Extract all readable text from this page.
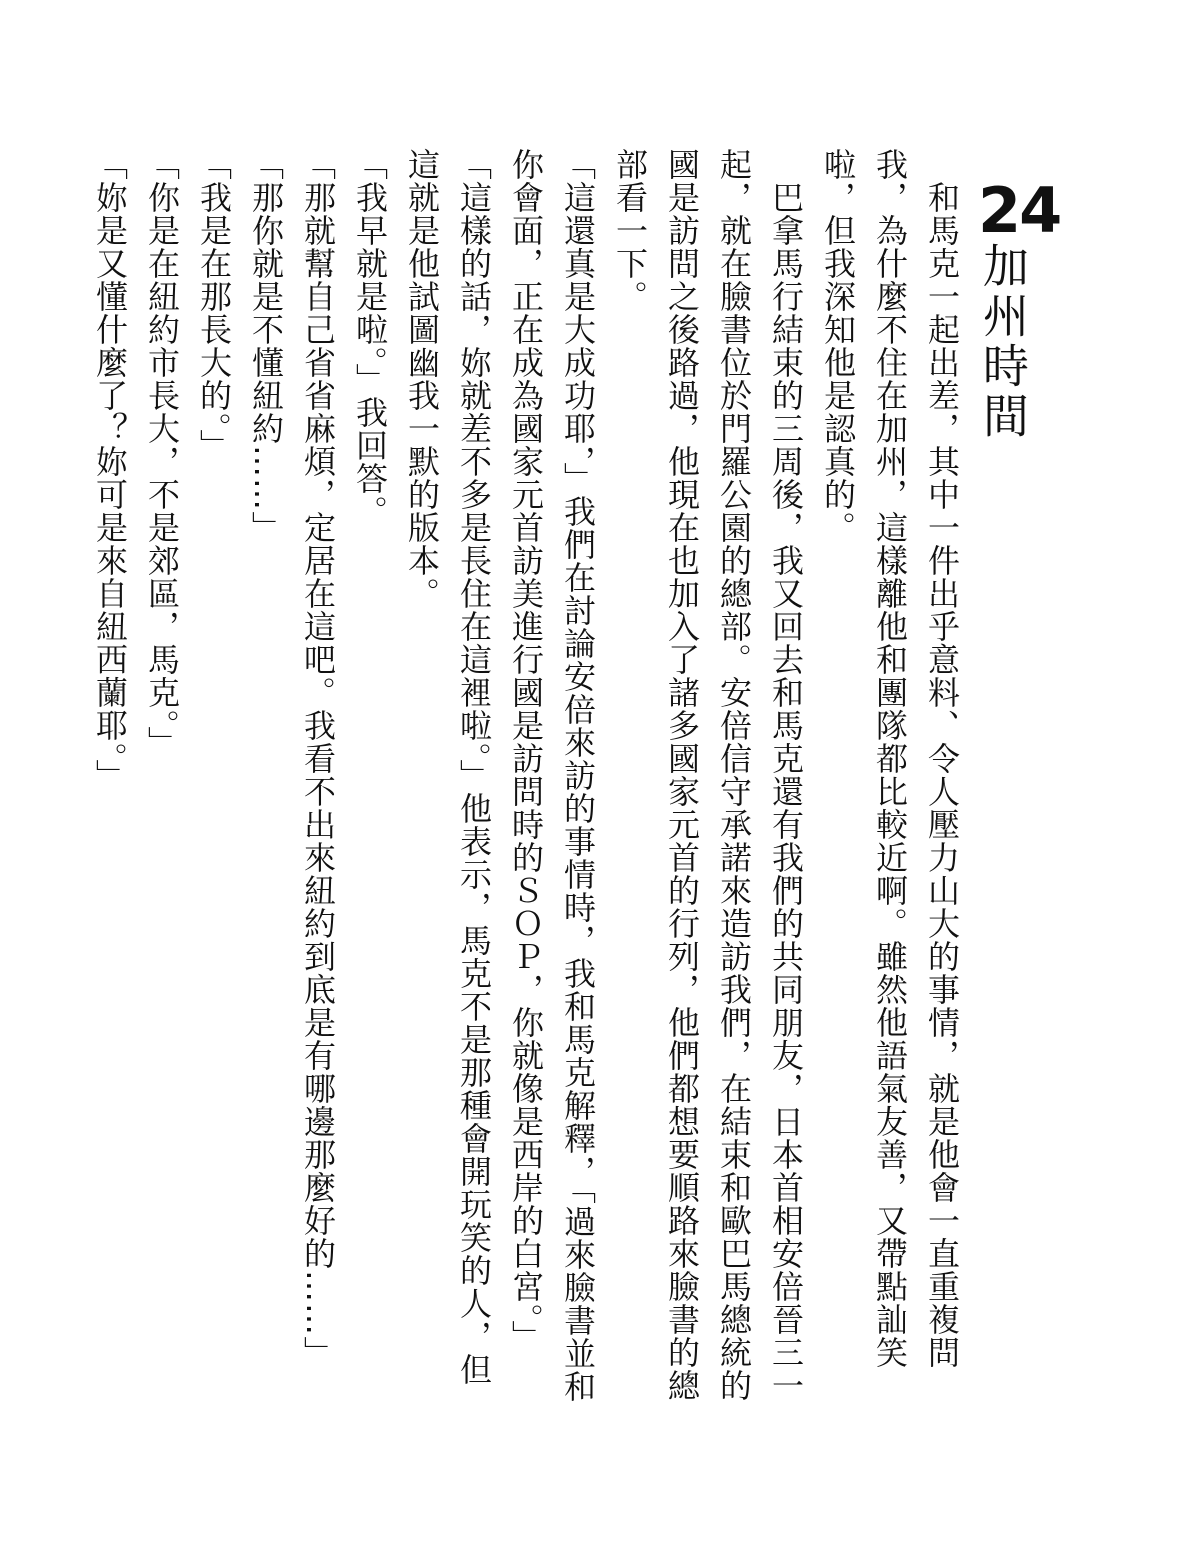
24
加州時間

　和馬克一起出差，其中一件出乎意料、令人壓力山大的事情，就是他會一直重複問我，為什麼不住在加州，這樣離他和團隊都比較近啊。雖然他語氣友善，又帶點訕笑啦，但我深知他是認真的。

　巴拿馬行結束的三周後，我又回去和馬克還有我們的共同朋友，日本首相安倍晉三一起，就在臉書位於門羅公園的總部。安倍信守承諾來造訪我們，在結束和歐巴馬總統的國是訪問之後路過，他現在也加入了諸多國家元首的行列，他們都想要順路來臉書的總部看一下。

「這還真是大成功耶，」我們在討論安倍來訪的事情時，我和馬克解釋，「過來臉書並和你會面，正在成為國家元首訪美進行國是訪問時的ＳＯＰ，你就像是西岸的白宮。」

「這樣的話，妳就差不多是長住在這裡啦。」他表示，馬克不是那種會開玩笑的人，但這就是他試圖幽我一默的版本。

「我早就是啦。」我回答。

「那就幫自己省省麻煩，定居在這吧。我看不出來紐約到底是有哪邊那麼好的……」

「那你就是不懂紐約……」

「我是在那長大的。」

「你是在紐約市長大，不是郊區，馬克。」

「妳是又懂什麼了？妳可是來自紐西蘭耶。」
